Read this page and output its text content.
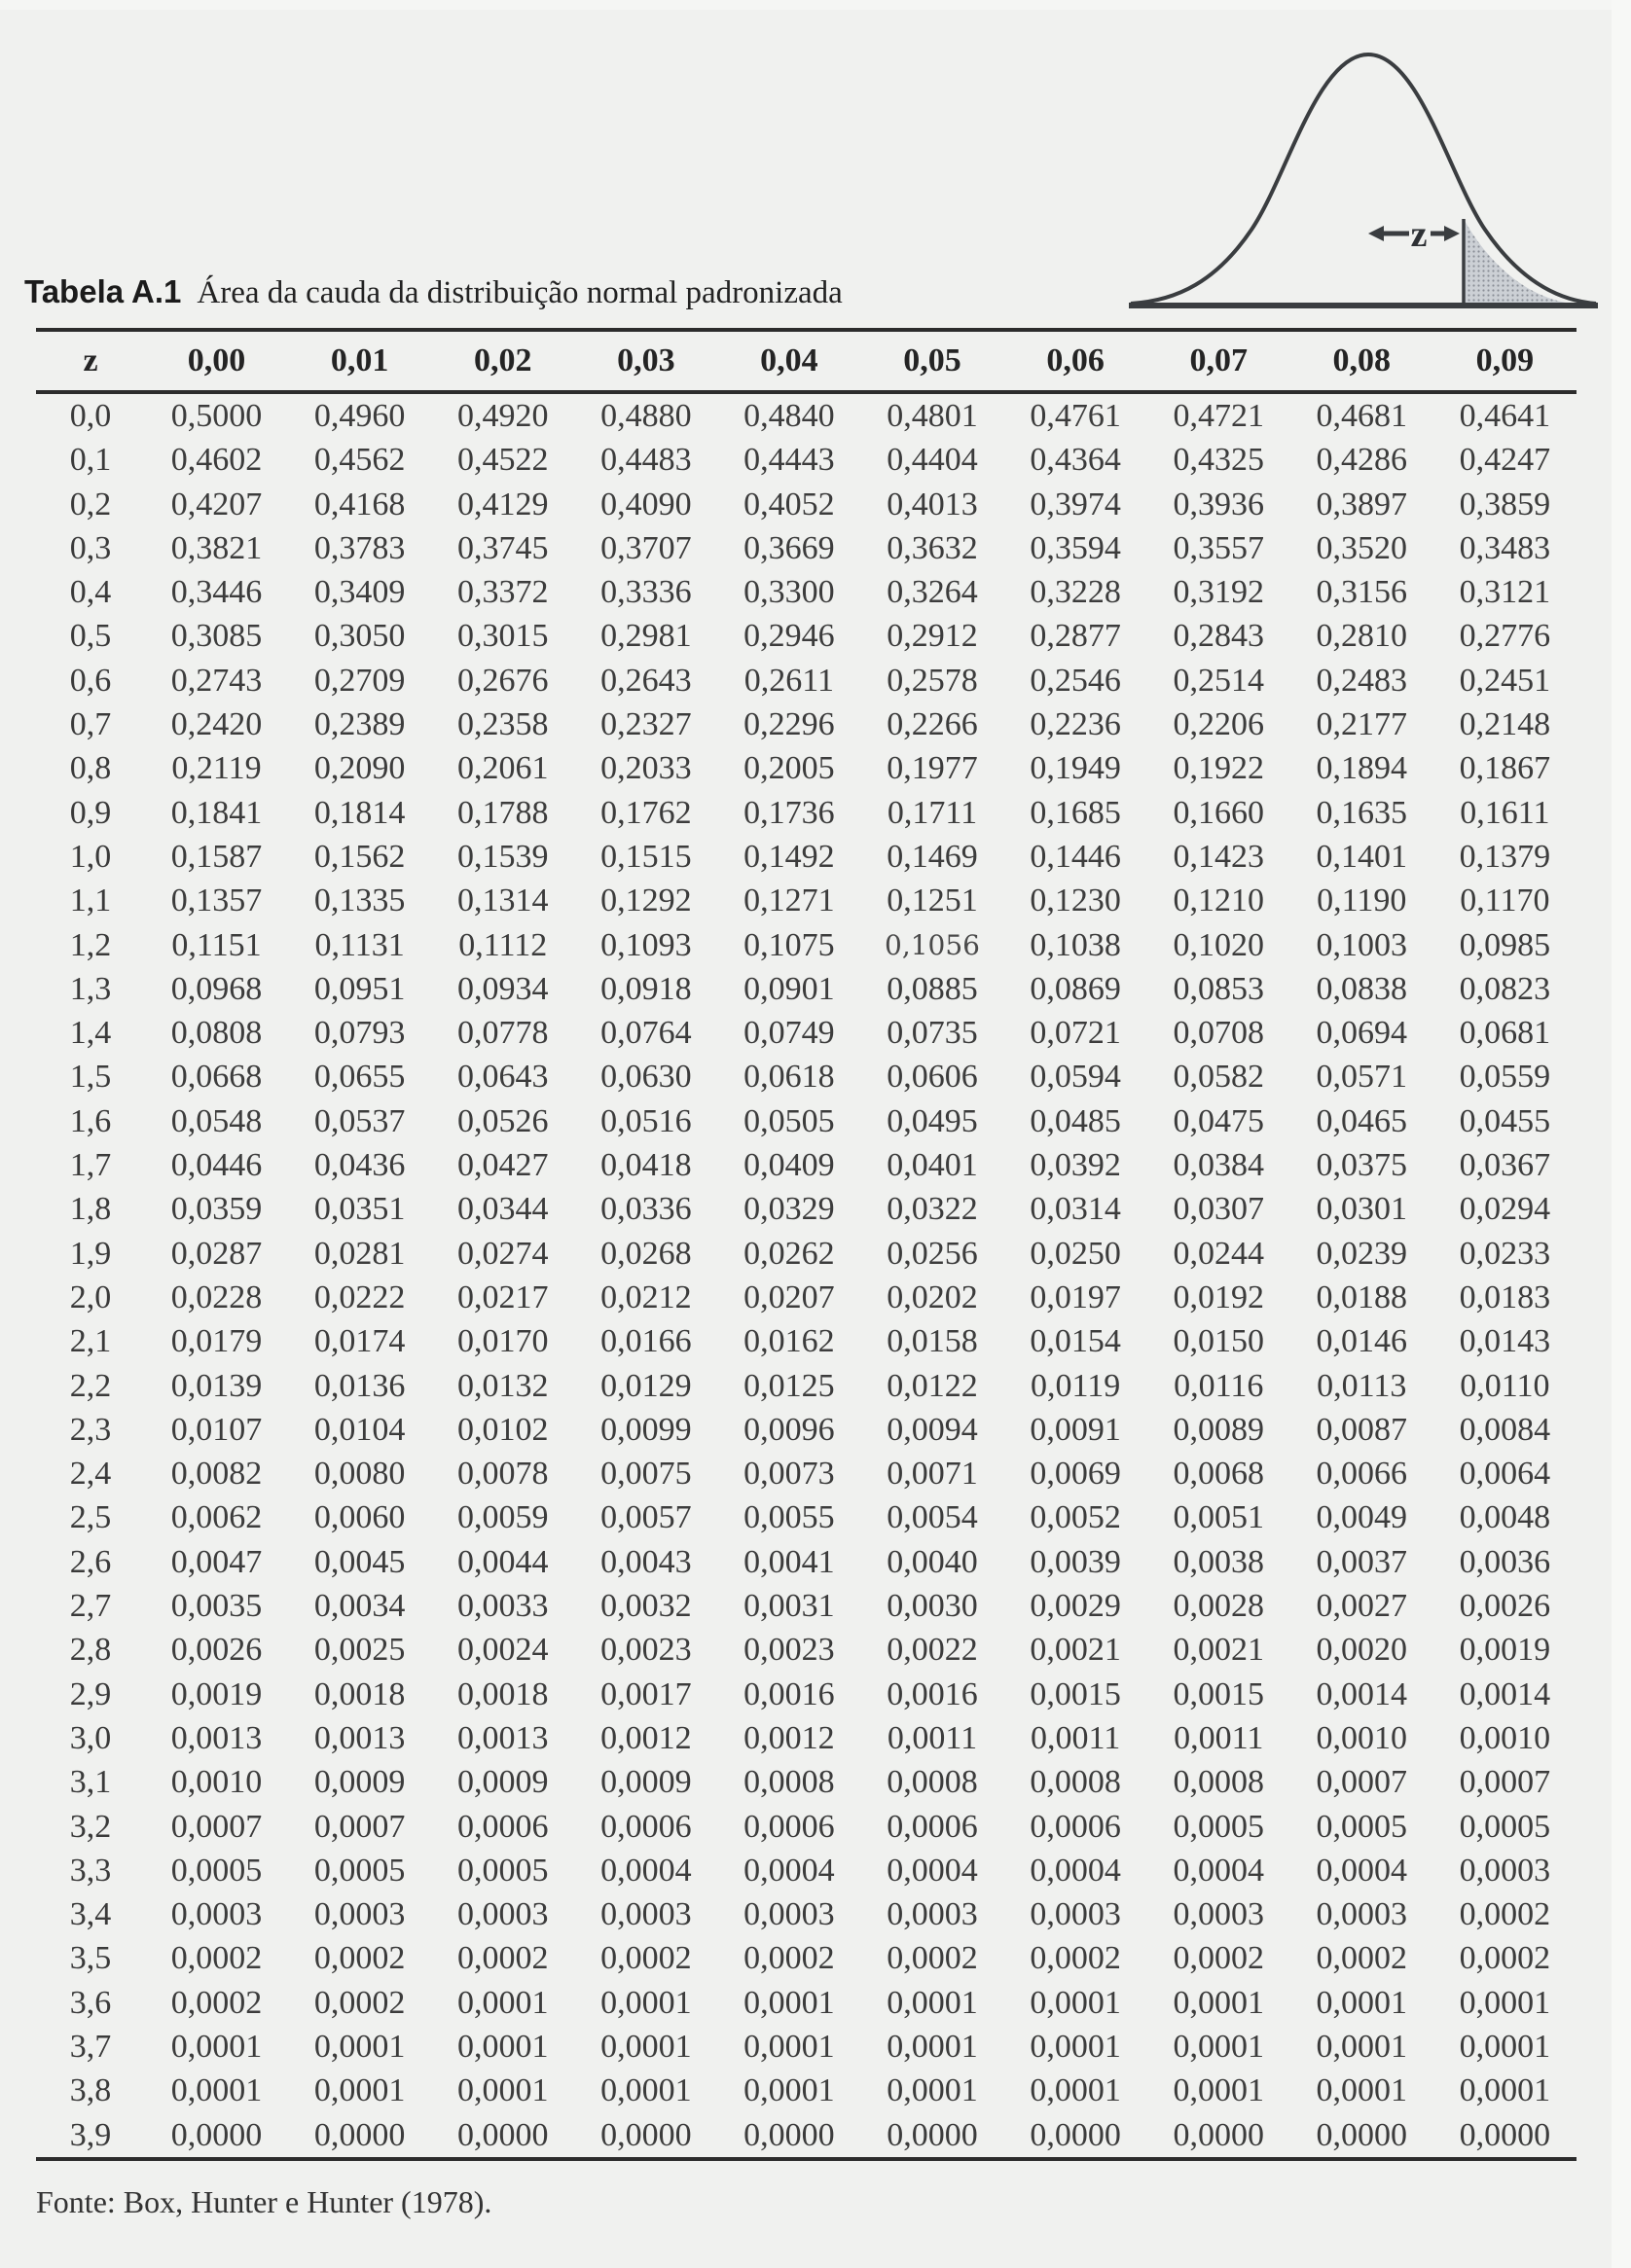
z
Tabela A.1 Área da cauda da distribuição normal padronizada
z	0,00	0,01	0,02	0,03	0,04	0,05	0,06	0,07	0,08	0,09
0,0	0,5000	0,4960	0,4920	0,4880	0,4840	0,4801	0,4761	0,4721	0,4681	0,4641
0,1	0,4602	0,4562	0,4522	0,4483	0,4443	0,4404	0,4364	0,4325	0,4286	0,4247
0,2	0,4207	0,4168	0,4129	0,4090	0,4052	0,4013	0,3974	0,3936	0,3897	0,3859
0,3	0,3821	0,3783	0,3745	0,3707	0,3669	0,3632	0,3594	0,3557	0,3520	0,3483
0,4	0,3446	0,3409	0,3372	0,3336	0,3300	0,3264	0,3228	0,3192	0,3156	0,3121
0,5	0,3085	0,3050	0,3015	0,2981	0,2946	0,2912	0,2877	0,2843	0,2810	0,2776
0,6	0,2743	0,2709	0,2676	0,2643	0,2611	0,2578	0,2546	0,2514	0,2483	0,2451
0,7	0,2420	0,2389	0,2358	0,2327	0,2296	0,2266	0,2236	0,2206	0,2177	0,2148
0,8	0,2119	0,2090	0,2061	0,2033	0,2005	0,1977	0,1949	0,1922	0,1894	0,1867
0,9	0,1841	0,1814	0,1788	0,1762	0,1736	0,1711	0,1685	0,1660	0,1635	0,1611
1,0	0,1587	0,1562	0,1539	0,1515	0,1492	0,1469	0,1446	0,1423	0,1401	0,1379
1,1	0,1357	0,1335	0,1314	0,1292	0,1271	0,1251	0,1230	0,1210	0,1190	0,1170
1,2	0,1151	0,1131	0,1112	0,1093	0,1075	0,1056	0,1038	0,1020	0,1003	0,0985
1,3	0,0968	0,0951	0,0934	0,0918	0,0901	0,0885	0,0869	0,0853	0,0838	0,0823
1,4	0,0808	0,0793	0,0778	0,0764	0,0749	0,0735	0,0721	0,0708	0,0694	0,0681
1,5	0,0668	0,0655	0,0643	0,0630	0,0618	0,0606	0,0594	0,0582	0,0571	0,0559
1,6	0,0548	0,0537	0,0526	0,0516	0,0505	0,0495	0,0485	0,0475	0,0465	0,0455
1,7	0,0446	0,0436	0,0427	0,0418	0,0409	0,0401	0,0392	0,0384	0,0375	0,0367
1,8	0,0359	0,0351	0,0344	0,0336	0,0329	0,0322	0,0314	0,0307	0,0301	0,0294
1,9	0,0287	0,0281	0,0274	0,0268	0,0262	0,0256	0,0250	0,0244	0,0239	0,0233
2,0	0,0228	0,0222	0,0217	0,0212	0,0207	0,0202	0,0197	0,0192	0,0188	0,0183
2,1	0,0179	0,0174	0,0170	0,0166	0,0162	0,0158	0,0154	0,0150	0,0146	0,0143
2,2	0,0139	0,0136	0,0132	0,0129	0,0125	0,0122	0,0119	0,0116	0,0113	0,0110
2,3	0,0107	0,0104	0,0102	0,0099	0,0096	0,0094	0,0091	0,0089	0,0087	0,0084
2,4	0,0082	0,0080	0,0078	0,0075	0,0073	0,0071	0,0069	0,0068	0,0066	0,0064
2,5	0,0062	0,0060	0,0059	0,0057	0,0055	0,0054	0,0052	0,0051	0,0049	0,0048
2,6	0,0047	0,0045	0,0044	0,0043	0,0041	0,0040	0,0039	0,0038	0,0037	0,0036
2,7	0,0035	0,0034	0,0033	0,0032	0,0031	0,0030	0,0029	0,0028	0,0027	0,0026
2,8	0,0026	0,0025	0,0024	0,0023	0,0023	0,0022	0,0021	0,0021	0,0020	0,0019
2,9	0,0019	0,0018	0,0018	0,0017	0,0016	0,0016	0,0015	0,0015	0,0014	0,0014
3,0	0,0013	0,0013	0,0013	0,0012	0,0012	0,0011	0,0011	0,0011	0,0010	0,0010
3,1	0,0010	0,0009	0,0009	0,0009	0,0008	0,0008	0,0008	0,0008	0,0007	0,0007
3,2	0,0007	0,0007	0,0006	0,0006	0,0006	0,0006	0,0006	0,0005	0,0005	0,0005
3,3	0,0005	0,0005	0,0005	0,0004	0,0004	0,0004	0,0004	0,0004	0,0004	0,0003
3,4	0,0003	0,0003	0,0003	0,0003	0,0003	0,0003	0,0003	0,0003	0,0003	0,0002
3,5	0,0002	0,0002	0,0002	0,0002	0,0002	0,0002	0,0002	0,0002	0,0002	0,0002
3,6	0,0002	0,0002	0,0001	0,0001	0,0001	0,0001	0,0001	0,0001	0,0001	0,0001
3,7	0,0001	0,0001	0,0001	0,0001	0,0001	0,0001	0,0001	0,0001	0,0001	0,0001
3,8	0,0001	0,0001	0,0001	0,0001	0,0001	0,0001	0,0001	0,0001	0,0001	0,0001
3,9	0,0000	0,0000	0,0000	0,0000	0,0000	0,0000	0,0000	0,0000	0,0000	0,0000
Fonte: Box, Hunter e Hunter (1978).
